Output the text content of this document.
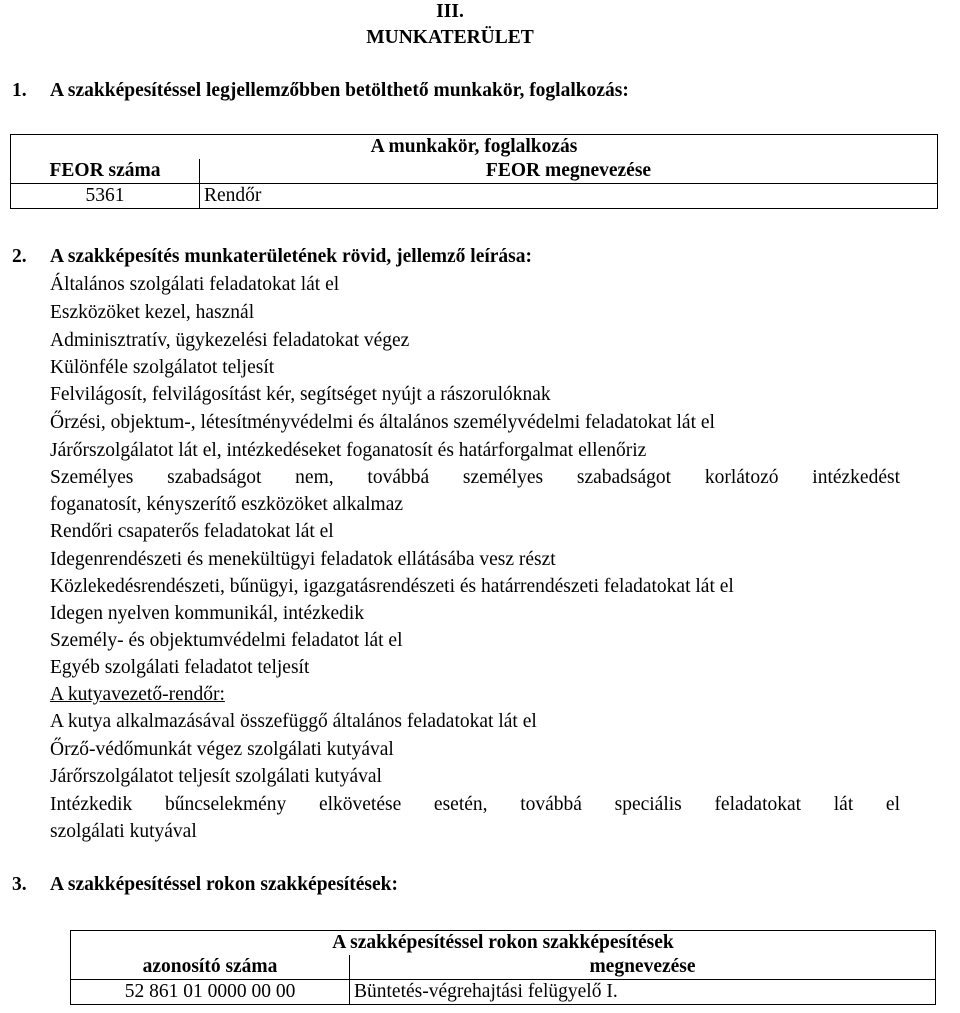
III.
MUNKATERÜLET
1. A szakképesítéssel legjellemzőbben betölthető munkakör, foglalkozás:
A munkakör, foglalkozás	
FEOR száma	FEOR megnevezése
5361	Rendőr
2. A szakképesítés munkaterületének rövid, jellemző leírása:
Általános szolgálati feladatokat lát el
Eszközöket kezel, használ
Adminisztratív, ügykezelési feladatokat végez
Különféle szolgálatot teljesít
Felvilágosít, felvilágosítást kér, segítséget nyújt a rászorulóknak
Őrzési, objektum-, létesítményvédelmi és általános személyvédelmi feladatokat lát el
Járőrszolgálatot lát el, intézkedéseket foganatosít és határforgalmat ellenőriz
Személyes szabadságot nem, továbbá személyes szabadságot korlátozó intézkedést
foganatosít, kényszerítő eszközöket alkalmaz
Rendőri csapaterős feladatokat lát el
Idegenrendészeti és menekültügyi feladatok ellátásába vesz részt
Közlekedésrendészeti, bűnügyi, igazgatásrendészeti és határrendészeti feladatokat lát el
Idegen nyelven kommunikál, intézkedik
Személy- és objektumvédelmi feladatot lát el
Egyéb szolgálati feladatot teljesít
A kutyavezető-rendőr:
A kutya alkalmazásával összefüggő általános feladatokat lát el
Őrző-védőmunkát végez szolgálati kutyával
Járőrszolgálatot teljesít szolgálati kutyával
Intézkedik bűncselekmény elkövetése esetén, továbbá speciális feladatokat lát el
szolgálati kutyával
3. A szakképesítéssel rokon szakképesítések:
A szakképesítéssel rokon szakképesítések	
azonosító száma	megnevezése
52 861 01 0000 00 00	Büntetés-végrehajtási felügyelő I.
